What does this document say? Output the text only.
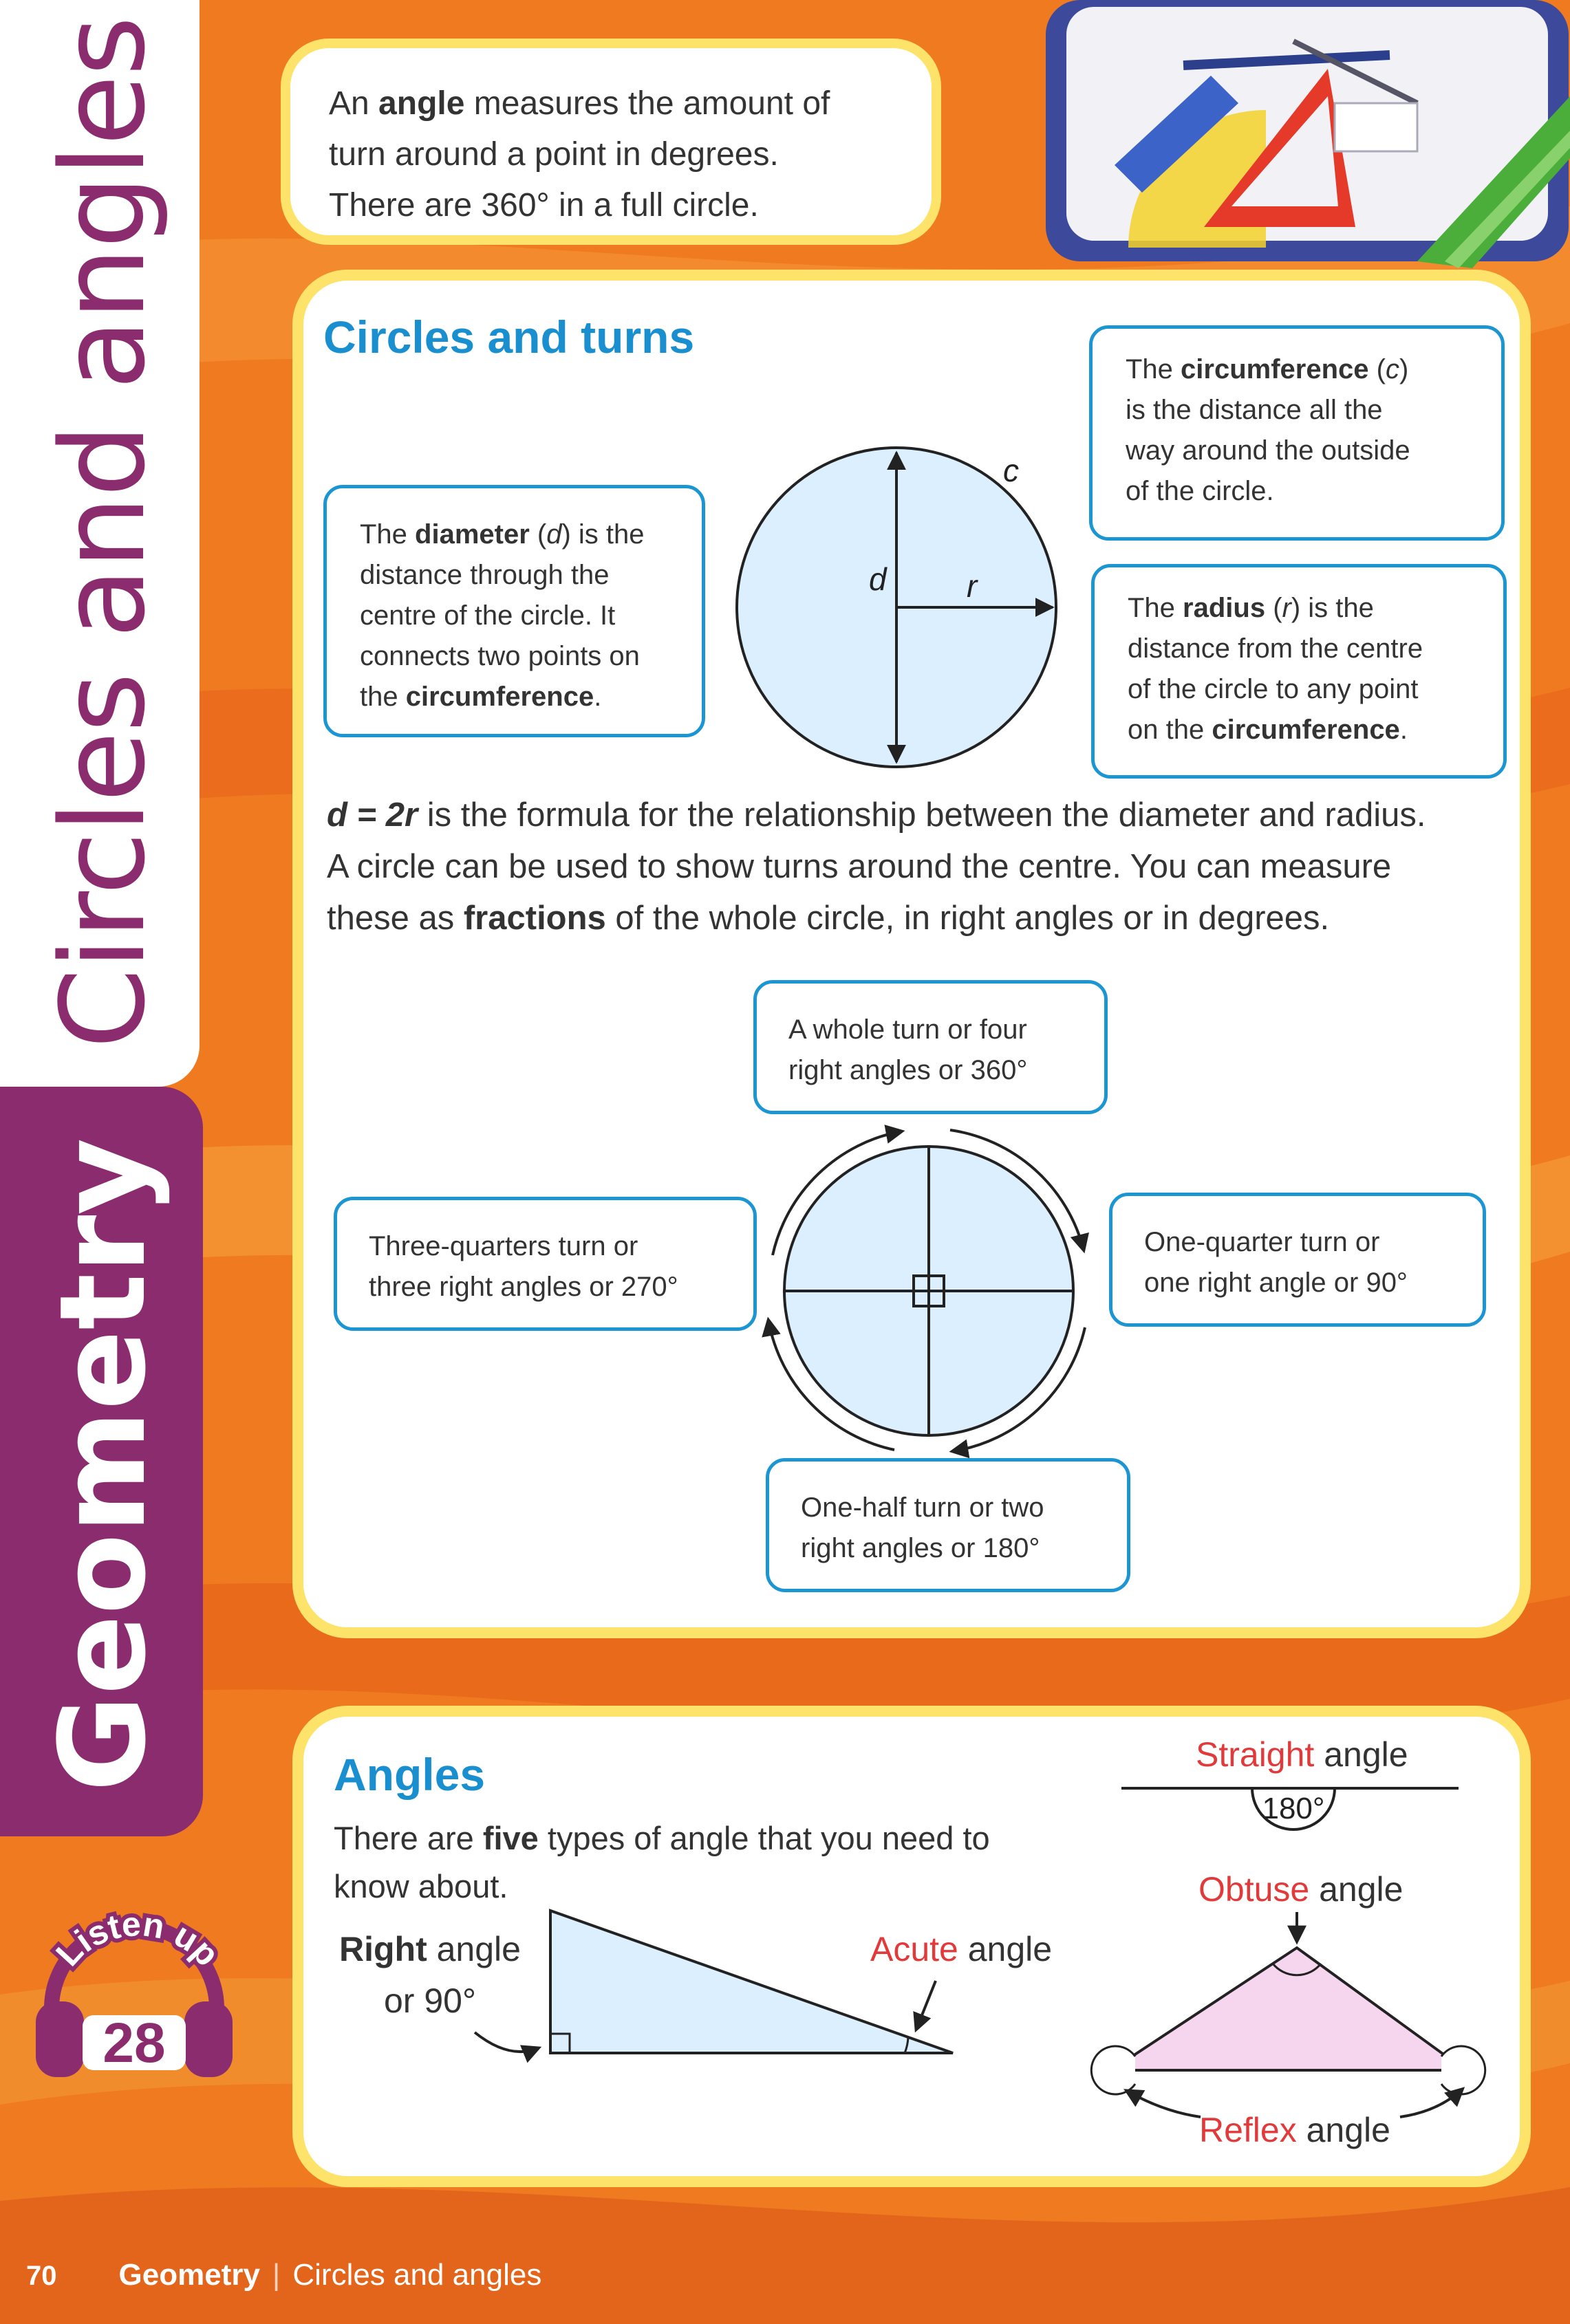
Circles and angles
Geometry
28
Listen up

An angle measures the amount of
turn around a point in degrees.
There are 360° in a full circle.

Circles and turns

The diameter (d) is the

distance through the

centre of the circle. It

connects two points on

the circumference.

The circumference (c)

is the distance all the

way around the outside

of the circle.

The radius (r) is the

distance from the centre

of the circle to any point

on the circumference.

d	r
c
d = 2r is the formula for the relationship between the diameter and radius.
A circle can be used to show turns around the centre. You can measure
these as fractions of the whole circle, in right angles or in degrees.

A whole turn or four

right angles or 360°

One-quarter turn or

one right angle or 90°

One-half turn or two

right angles or 180°

Three-quarters turn or

three right angles or 270°

Angles
There are five types of angle that you need to
know about.
Right angle
or 90°
Acute angle
Straight angle
Obtuse angle
Reflex angle
180°
70 Geometry | Circles and angles
